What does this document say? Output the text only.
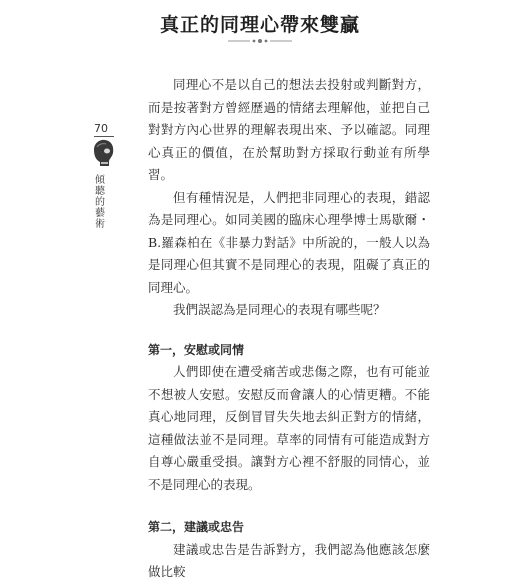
真正的同理心帶來雙贏
70
傾聽的藝術

同理心不是以自己的想法去投射或判斷對方，而是按著對方曾經歷過的情緒去理解他，並把自己對對方內心世界的理解表現出來、予以確認。同理心真正的價值，在於幫助對方採取行動並有所學習。

但有種情況是，人們把非同理心的表現，錯認為是同理心。如同美國的臨床心理學博士馬歇爾・B.羅森柏在《非暴力對話》中所說的，一般人以為是同理心但其實不是同理心的表現，阻礙了真正的同理心。

我們誤認為是同理心的表現有哪些呢？

第一，安慰或同情

人們即使在遭受痛苦或悲傷之際，也有可能並不想被人安慰。安慰反而會讓人的心情更糟。不能真心地同理，反倒冒冒失失地去糾正對方的情緒，這種做法並不是同理。草率的同情有可能造成對方自尊心嚴重受損。讓對方心裡不舒服的同情心，並不是同理心的表現。

第二，建議或忠告

建議或忠告是告訴對方，我們認為他應該怎麼做比較
